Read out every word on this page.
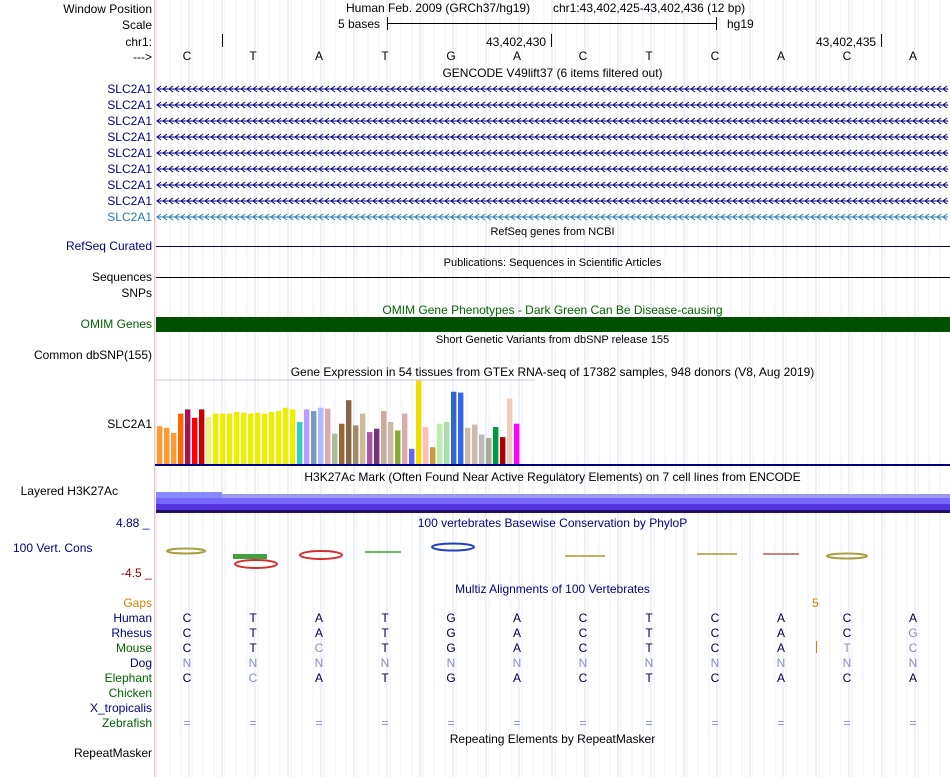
Window Position
Scale
chr1:
--->
Human Feb. 2009 (GRCh37/hg19) chr1:43,402,425-43,402,436 (12 bp)
5 bases	hg19
43,402,430	43,402,435
C	T	A	T	G	A	C	T	C	A	C	A
GENCODE V49lift37 (6 items filtered out)
SLC2A1
SLC2A1
SLC2A1
SLC2A1
SLC2A1
SLC2A1
SLC2A1
SLC2A1
SLC2A1
RefSeq genes from NCBI
RefSeq Curated
Publications: Sequences in Scientific Articles
Sequences
SNPs
OMIM Gene Phenotypes - Dark Green Can Be Disease-causing
OMIM Genes
Short Genetic Variants from dbSNP release 155
Common dbSNP(155)
Gene Expression in 54 tissues from GTEx RNA-seq of 17382 samples, 948 donors (V8, Aug 2019)
SLC2A1
H3K27Ac Mark (Often Found Near Active Regulatory Elements) on 7 cell lines from ENCODE
Layered H3K27Ac
100 vertebrates Basewise Conservation by PhyloP
4.88 _
100 Vert. Cons
-4.5 _
Multiz Alignments of 100 Vertebrates
Gaps	5
Human	C	T	A	T	G	A	C	T	C	A	C	A
Rhesus	C	T	A	T	G	A	C	T	C	A	C	G
Mouse	C	T	C	T	G	A	C	T	C	A	T	C
Dog	N	N	N	N	N	N	N	N	N	N	N	N
Elephant	C	C	A	T	G	A	C	T	C	A	C	A
Chicken
X_tropicalis
Zebrafish	=	=	=	=	=	=	=	=	=	=	=	=
Repeating Elements by RepeatMasker
RepeatMasker
